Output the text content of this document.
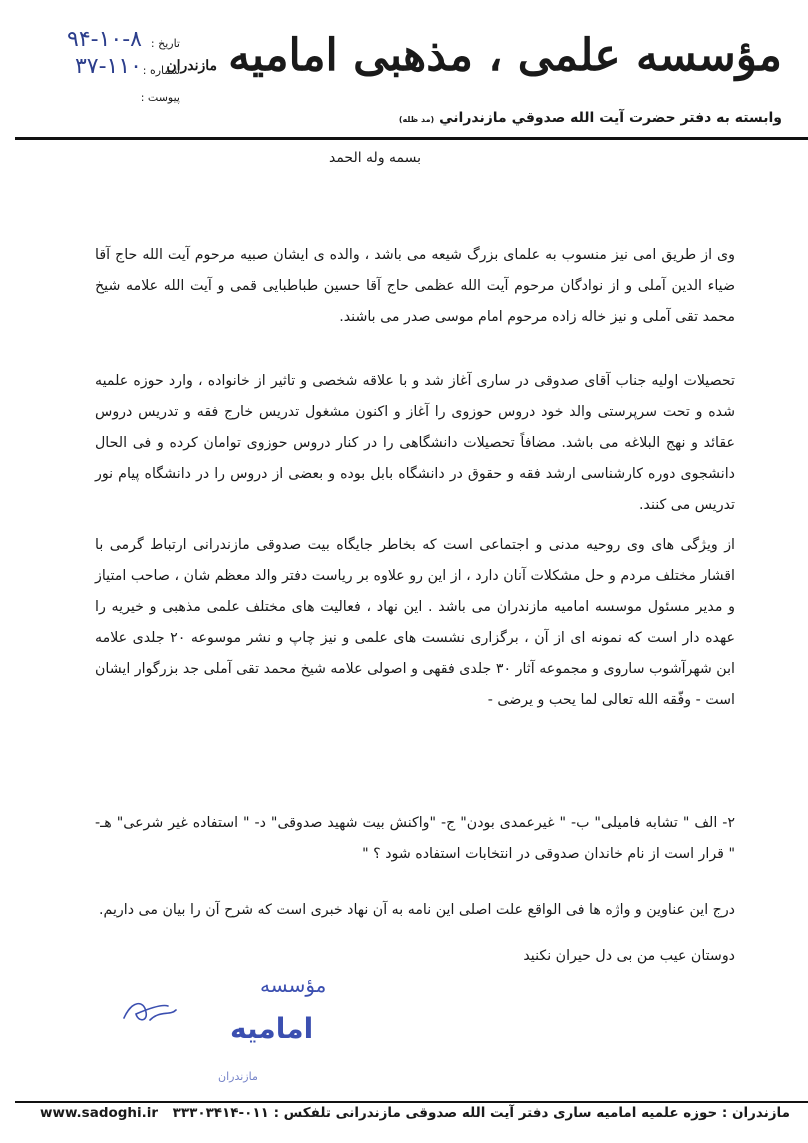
تاریخ :
۹۴-۱۰-۸
شماره :
۳۷-۱۱۰
پیوست :
مؤسسه علمی ، مذهبی امامیه مازندران
وابسته به دفتر حضرت آیت الله صدوقي مازندراني (مد ظله)
بسمه وله الحمد

وی از طریق امی نیز منسوب به علمای بزرگ شیعه می باشد ، والده ی ایشان صبیه مرحوم آیت الله حاج آقا ضیاء الدین آملی و از نوادگان مرحوم آیت الله عظمی حاج آقا حسین طباطبایی قمی و آیت الله علامه شیخ محمد تقی آملی و نیز خاله زاده مرحوم امام موسی صدر می باشند.

تحصیلات اولیه جناب آقای صدوقی در ساری آغاز شد و با علاقه شخصی و تاثیر از خانواده ، وارد حوزه علمیه شده و تحت سرپرستی والد خود دروس حوزوی را آغاز و اکنون مشغول تدریس خارج فقه و تدریس دروس عقائد و نهج البلاغه می باشد. مضافاً تحصیلات دانشگاهی را در کنار دروس حوزوی توامان کرده و فی الحال دانشجوی دوره کارشناسی ارشد فقه و حقوق در دانشگاه بابل بوده و بعضی از دروس را در دانشگاه پیام نور تدریس می کنند.

از ویژگی های وی روحیه مدنی و اجتماعی است که بخاطر جایگاه بیت صدوقی مازندرانی ارتباط گرمی با اقشار مختلف مردم و حل مشکلات آنان دارد ، از این رو علاوه بر ریاست دفتر والد معظم شان ، صاحب امتیاز و مدیر مسئول موسسه امامیه مازندران می باشد . این نهاد ، فعالیت های مختلف علمی مذهبی و خیریه را عهده دار است که نمونه ای از آن ، برگزاری نشست های علمی و نیز چاپ و نشر موسوعه ۲۰ جلدی علامه ابن شهرآشوب ساروی و مجموعه آثار ۳۰ جلدی فقهی و اصولی علامه شیخ محمد تقی آملی جد بزرگوار ایشان است - وفّقه الله تعالی لما یحب و یرضی -

۲- الف " تشابه فامیلی" ب- " غیرعمدی بودن" ج- "واکنش بیت شهید صدوقی" د- " استفاده غیر شرعی" هـ- " قرار است از نام خاندان صدوقی در انتخابات استفاده شود ؟ "

درج این عناوین و واژه ها فی الواقع علت اصلی این نامه به آن نهاد خبری است که شرح آن را بیان می داریم.

دوستان عیب من بی دل حیران نکنید

مؤسسه
امامیه
مازندران
مازندران : حوزه علمیه امامیه ساری دفتر آیت الله صدوقی مازندرانی تلفکس : ۰۱۱-۳۳۳۰۳۴۱۴
www.sadoghi.ir
